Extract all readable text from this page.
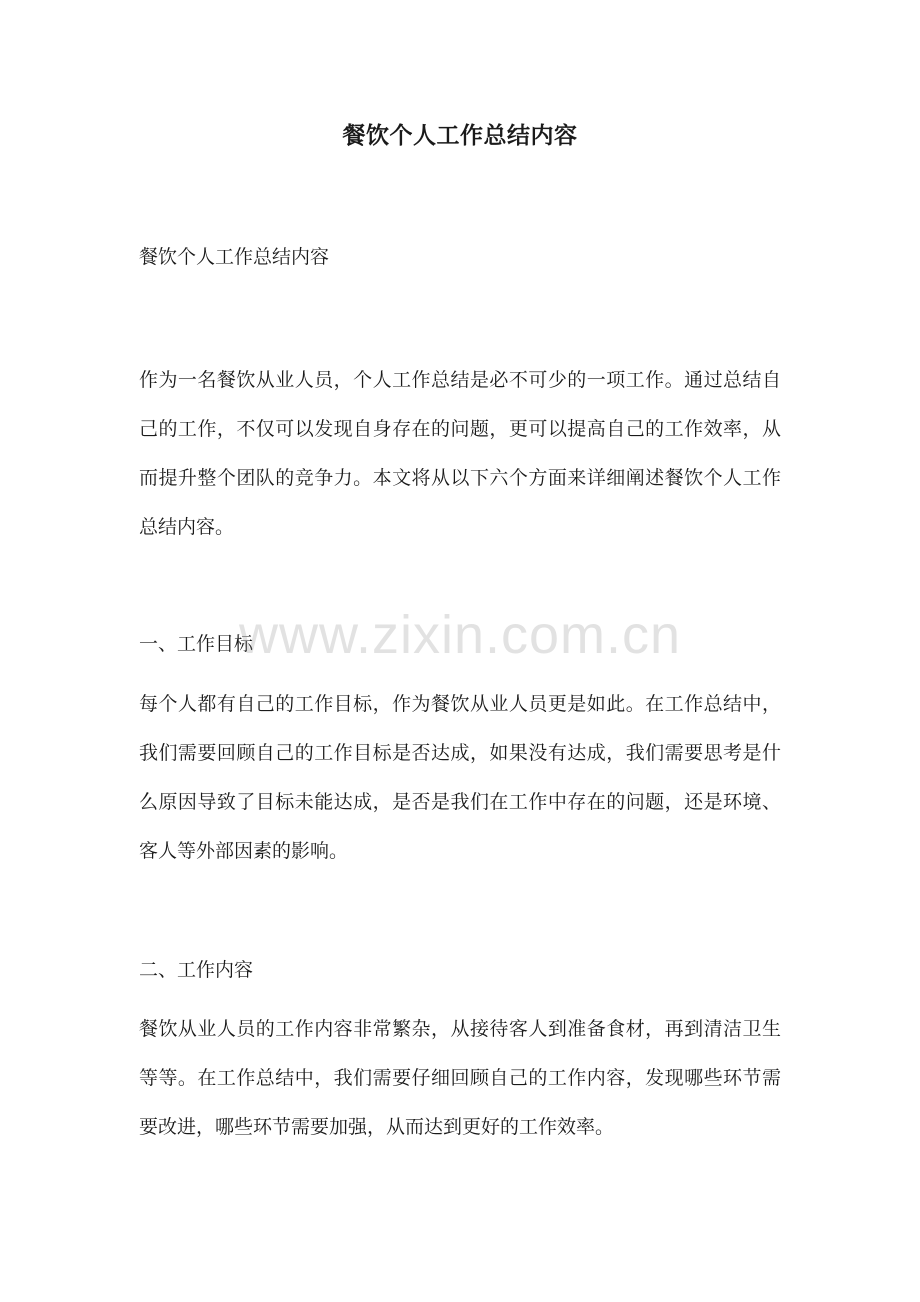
餐饮个人工作总结内容
餐饮个人工作总结内容

作为一名餐饮从业人员，个人工作总结是必不可少的一项工作。通过总结自己的工作，不仅可以发现自身存在的问题，更可以提高自己的工作效率，从而提升整个团队的竞争力。本文将从以下六个方面来详细阐述餐饮个人工作总结内容。

一、工作目标

每个人都有自己的工作目标，作为餐饮从业人员更是如此。在工作总结中，我们需要回顾自己的工作目标是否达成，如果没有达成，我们需要思考是什么原因导致了目标未能达成，是否是我们在工作中存在的问题，还是环境、客人等外部因素的影响。

二、工作内容

餐饮从业人员的工作内容非常繁杂，从接待客人到准备食材，再到清洁卫生等等。在工作总结中，我们需要仔细回顾自己的工作内容，发现哪些环节需要改进，哪些环节需要加强，从而达到更好的工作效率。

www.zixin.com.cn
